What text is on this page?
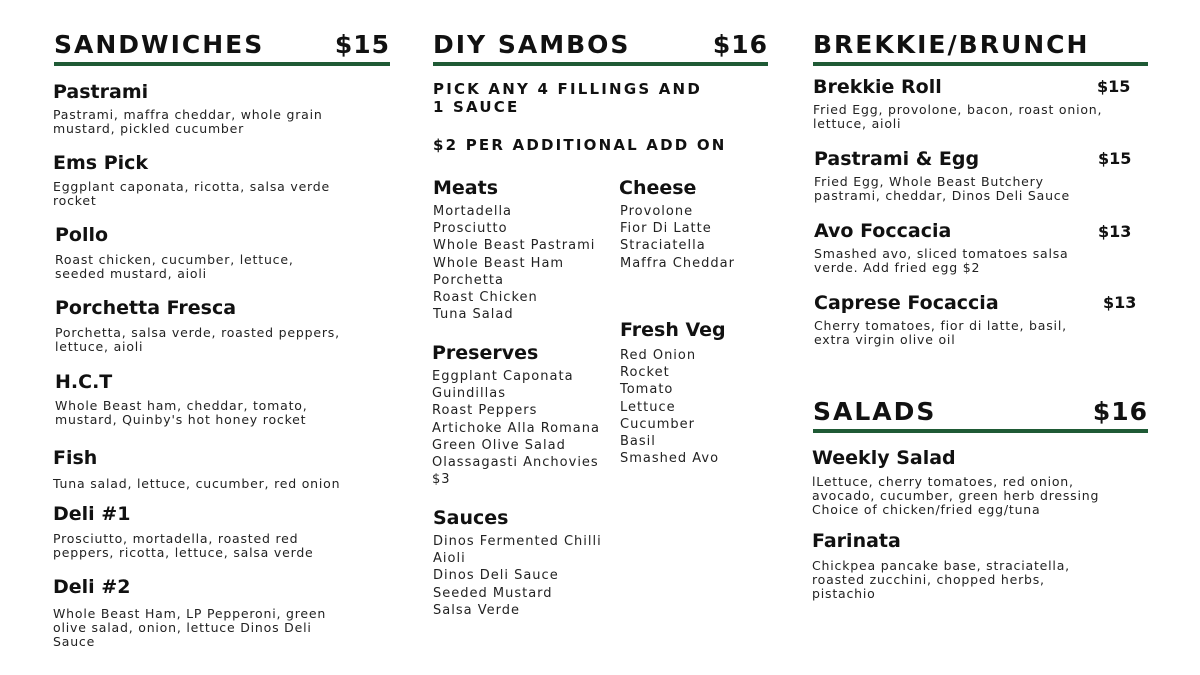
SANDWICHES	$15
Pastrami
Pastrami, maffra cheddar, whole grain
mustard, pickled cucumber
Ems Pick
Eggplant caponata, ricotta, salsa verde
rocket
Pollo
Roast chicken, cucumber, lettuce,
seeded mustard, aioli
Porchetta Fresca
Porchetta, salsa verde, roasted peppers,
lettuce, aioli
H.C.T
Whole Beast ham, cheddar, tomato,
mustard, Quinby's hot honey rocket
Fish
Tuna salad, lettuce, cucumber, red onion
Deli #1
Prosciutto, mortadella, roasted red
peppers, ricotta, lettuce, salsa verde
Deli #2
Whole Beast Ham, LP Pepperoni, green
olive salad, onion, lettuce Dinos Deli
Sauce
DIY SAMBOS	$16
PICK ANY 4 FILLINGS AND
1 SAUCE
$2 PER ADDITIONAL ADD ON
Meats
Mortadella
Prosciutto
Whole Beast Pastrami
Whole Beast Ham
Porchetta
Roast Chicken
Tuna Salad
Cheese
Provolone
Fior Di Latte
Straciatella
Maffra Cheddar
Fresh Veg
Red Onion
Rocket
Tomato
Lettuce
Cucumber
Basil
Smashed Avo
Preserves
Eggplant Caponata
Guindillas
Roast Peppers
Artichoke Alla Romana
Green Olive Salad
Olassagasti Anchovies
$3
Sauces
Dinos Fermented Chilli
Aioli
Dinos Deli Sauce
Seeded Mustard
Salsa Verde
BREKKIE/BRUNCH
Brekkie Roll	$15
Fried Egg, provolone, bacon, roast onion,
lettuce, aioli
Pastrami & Egg	$15
Fried Egg, Whole Beast Butchery
pastrami, cheddar, Dinos Deli Sauce
Avo Foccacia	$13
Smashed avo, sliced tomatoes salsa
verde. Add fried egg $2
Caprese Focaccia	$13
Cherry tomatoes, fior di latte, basil,
extra virgin olive oil
SALADS	$16
Weekly Salad
lLettuce, cherry tomatoes, red onion,
avocado, cucumber, green herb dressing
Choice of chicken/fried egg/tuna
Farinata
Chickpea pancake base, straciatella,
roasted zucchini, chopped herbs,
pistachio
